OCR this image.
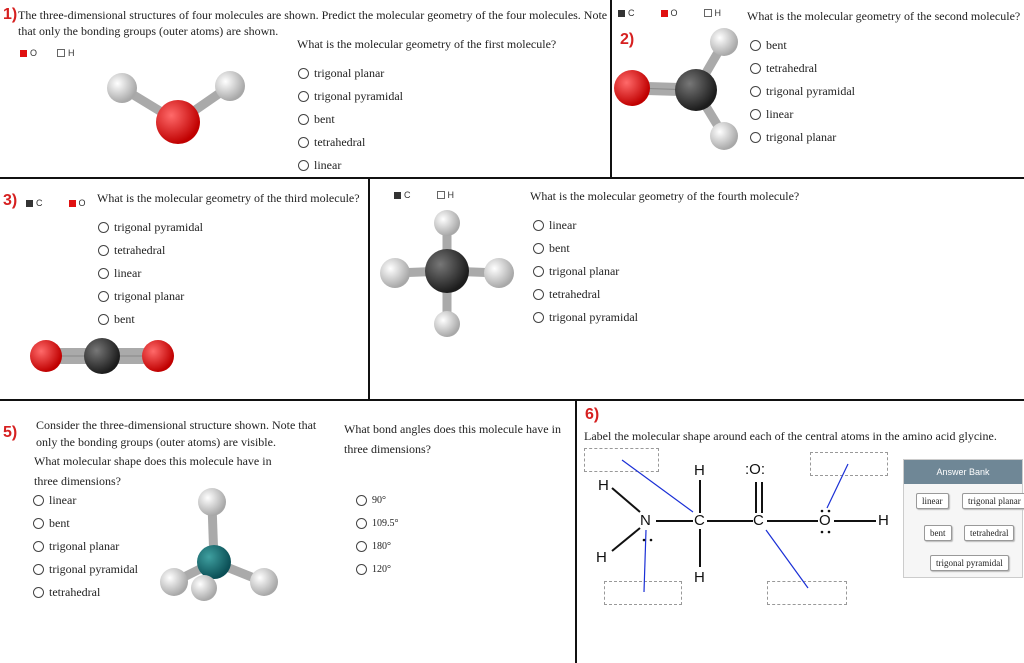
1) The three-dimensional structures of four molecules are shown. Predict the molecular geometry of the four molecules. Note
that only the bonding groups (outer atoms) are shown.
O	H
What is the molecular geometry of the first molecule?
trigonal planar
trigonal pyramidal
bent
tetrahedral
linear
C	O	H
2)
What is the molecular geometry of the second molecule?
bent
tetrahedral
trigonal pyramidal
linear
trigonal planar
3) C	O What is the molecular geometry of the third molecule?
trigonal pyramidal
tetrahedral
linear
trigonal planar
bent
C	H	What is the molecular geometry of the fourth molecule?
linear
bent
trigonal planar
tetrahedral
trigonal pyramidal
5) Consider the three-dimensional structure shown. Note that
only the bonding groups (outer atoms) are visible.
What molecular shape does this molecule have in
three dimensions?
linear
bent
trigonal planar
trigonal pyramidal
tetrahedral
What bond angles does this molecule have in
three dimensions?
90°
109.5°
180°
120°
6)
Label the molecular shape around each of the central atoms in the amino acid glycine.
H	:O:
H
N	C	C	O	H
H
H
Answer Bank
linear	trigonal planar
bent	tetrahedral
trigonal pyramidal
